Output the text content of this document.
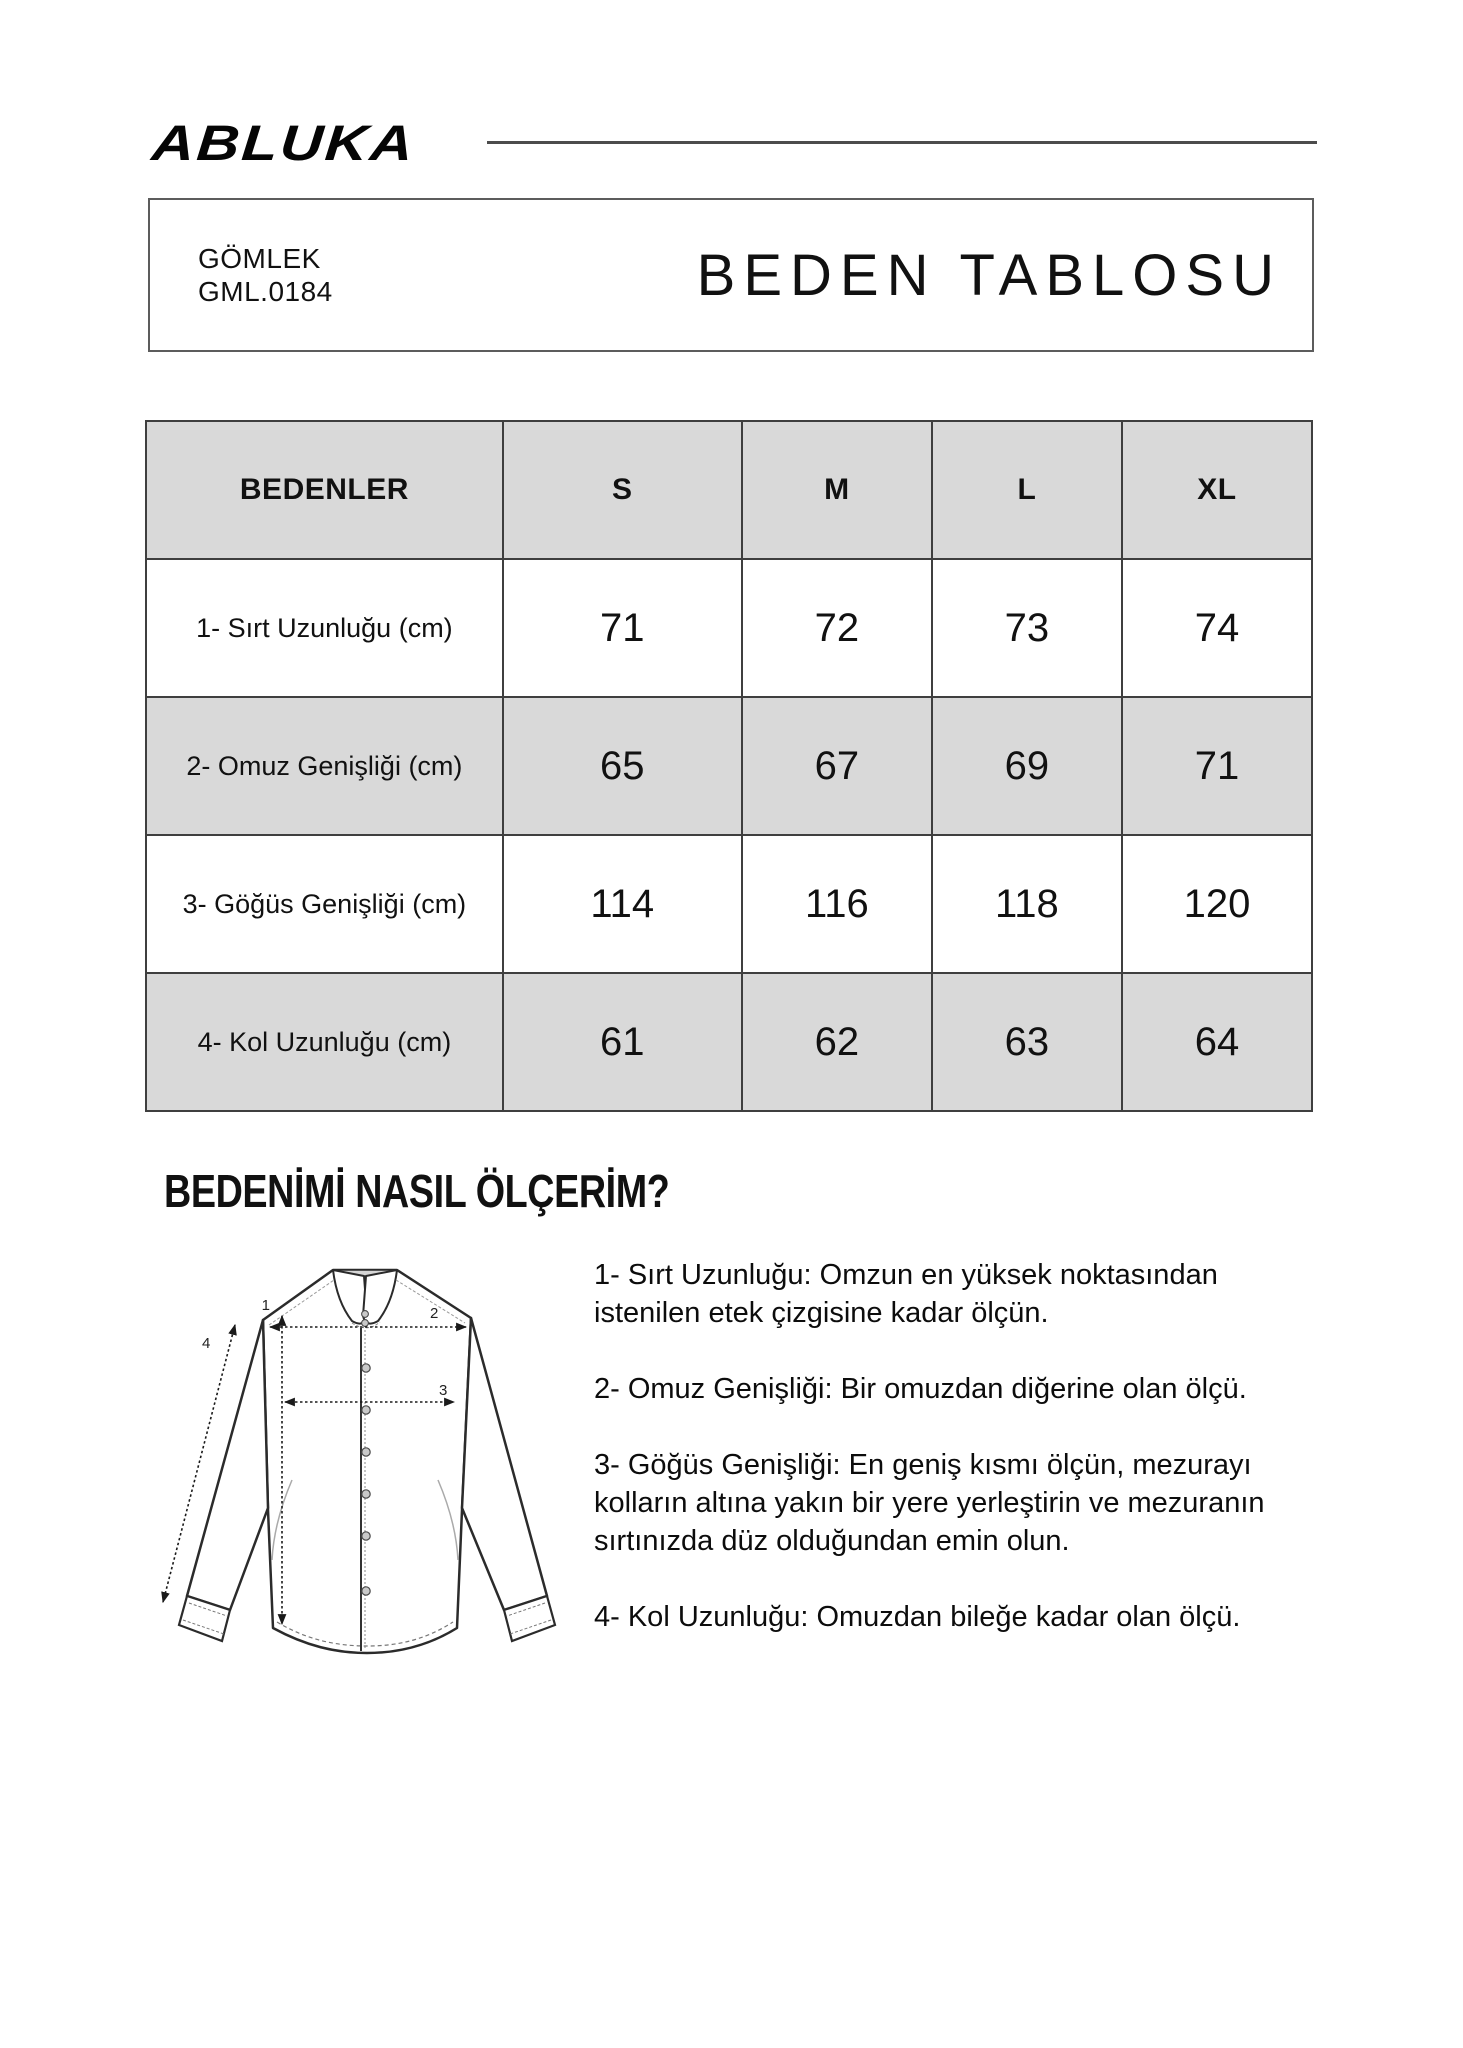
ABLUKA
GÖMLEK
GML.0184	BEDEN TABLOSU
BEDENLER	S	M	L	XL
1- Sırt Uzunluğu (cm)	71	72	73	74
2- Omuz Genişliği (cm)	65	67	69	71
3- Göğüs Genişliği (cm)	114	116	118	120
4- Kol Uzunluğu (cm)	61	62	63	64
BEDENİMİ NASIL ÖLÇERİM?
1	2
3
4
1- Sırt Uzunluğu: Omzun en yüksek noktasından
istenilen etek çizgisine kadar ölçün.
2- Omuz Genişliği: Bir omuzdan diğerine olan ölçü.
3- Göğüs Genişliği: En geniş kısmı ölçün, mezurayı
kolların altına yakın bir yere yerleştirin ve mezuranın
sırtınızda düz olduğundan emin olun.
4- Kol Uzunluğu: Omuzdan bileğe kadar olan ölçü.
